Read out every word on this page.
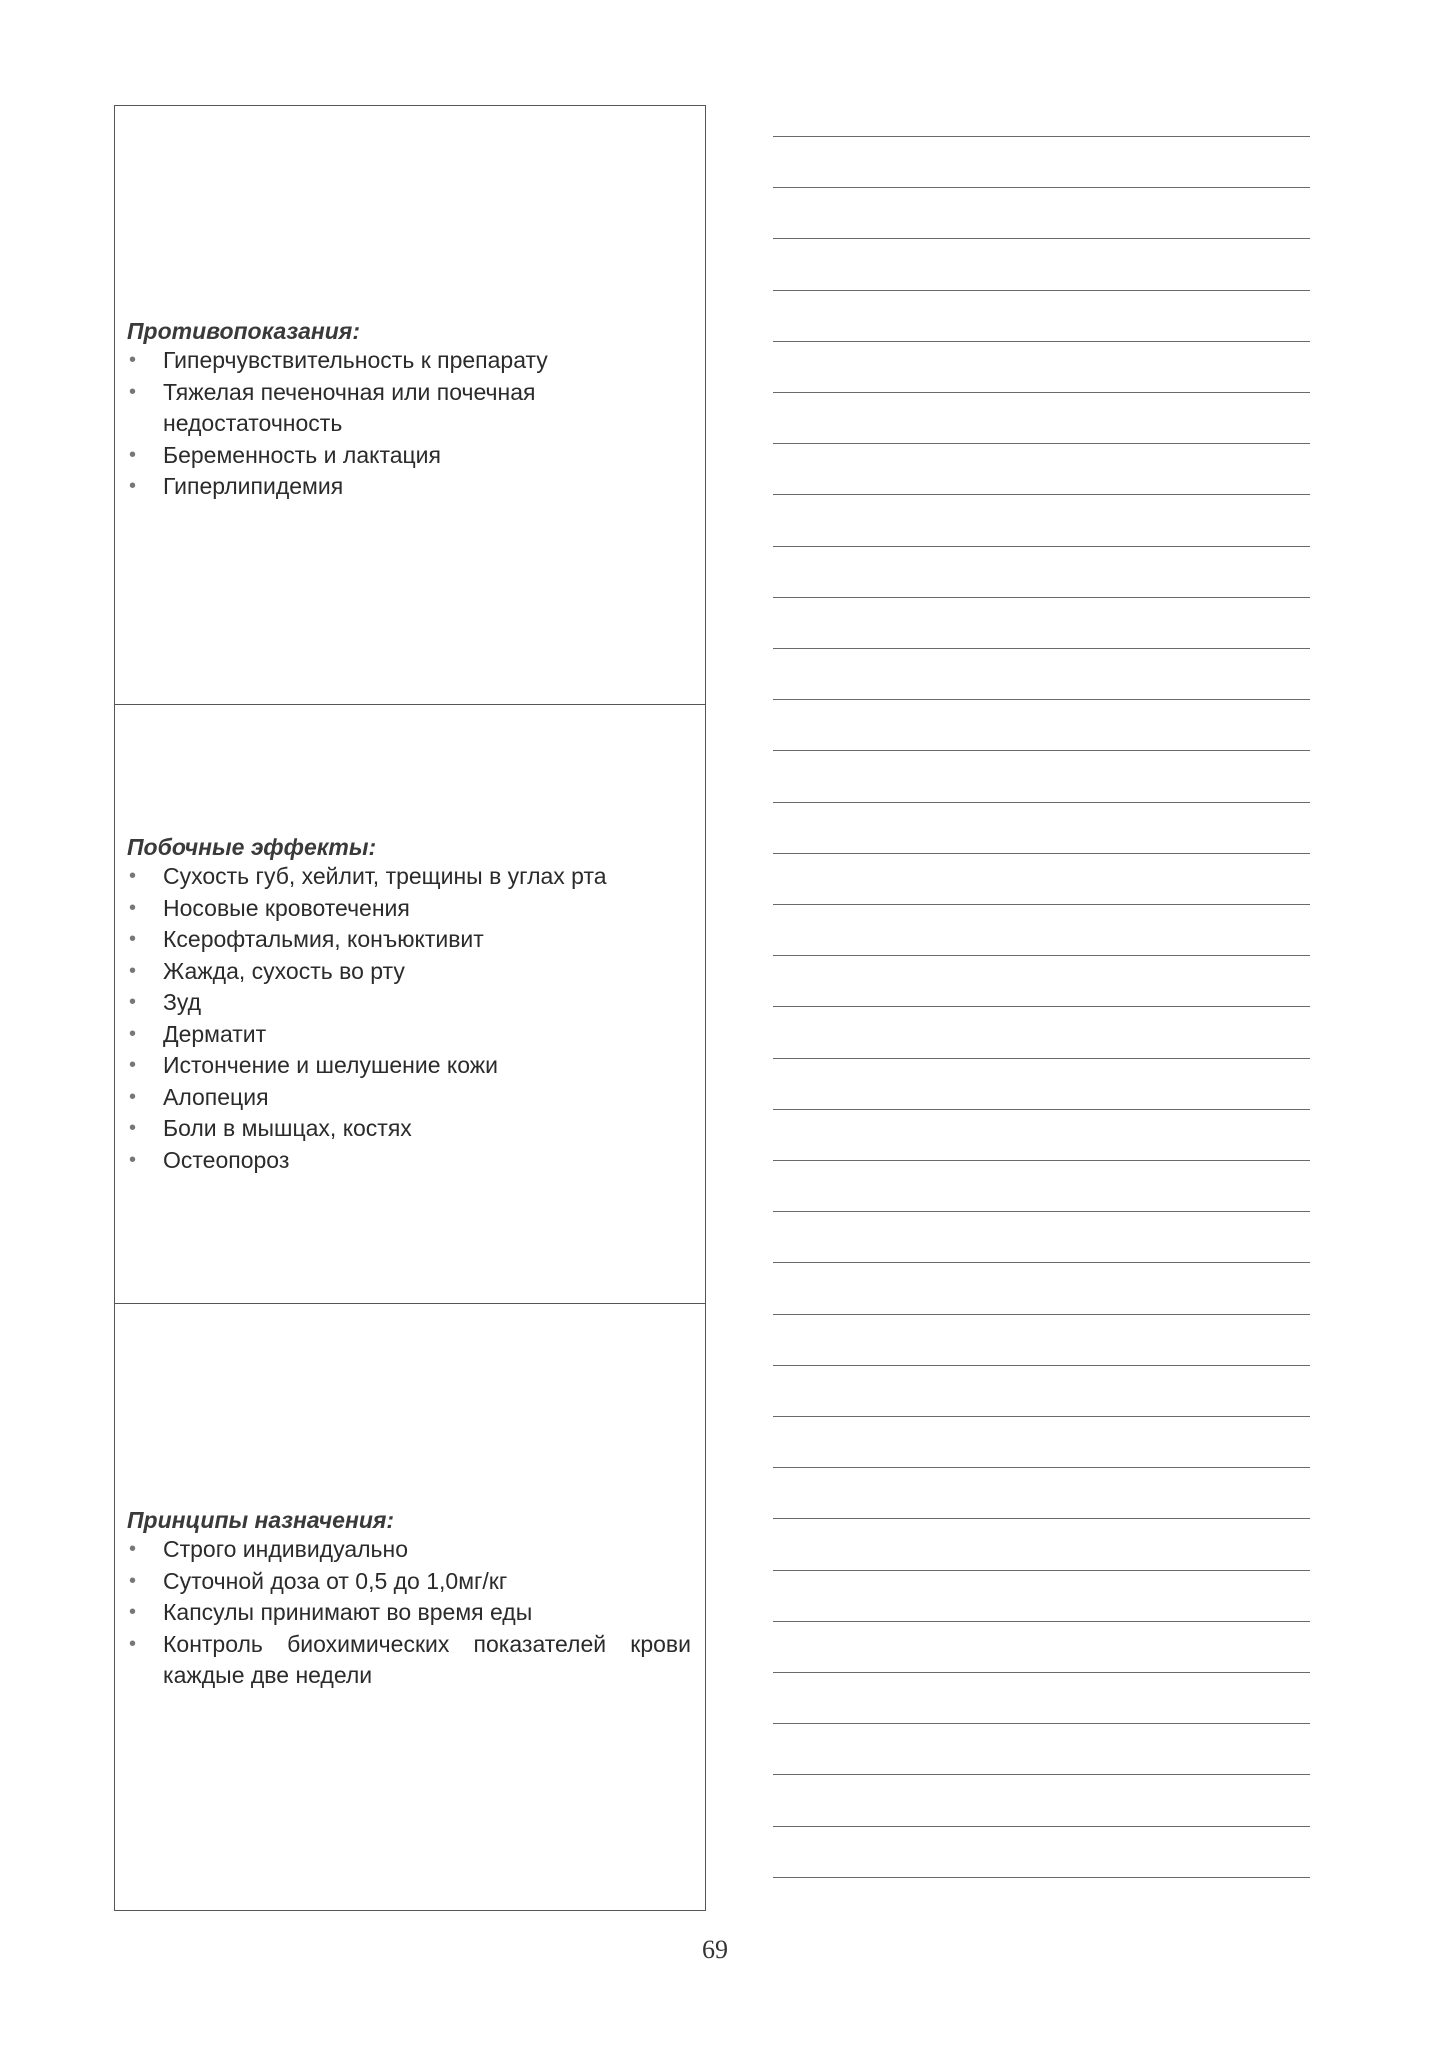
Противопоказания:
• Гиперчувствительность к препарату
• Тяжелая печеночная или почечная недостаточность
• Беременность и лактация
• Гиперлипидемия
Побочные эффекты:
• Сухость губ, хейлит, трещины в углах рта
• Носовые кровотечения
• Ксерофтальмия, конъюктивит
• Жажда, сухость во рту
• Зуд
• Дерматит
• Истончение и шелушение кожи
• Алопеция
• Боли в мышцах, костях
• Остеопороз
Принципы назначения:
• Строго индивидуально
• Суточной доза от 0,5 до 1,0мг/кг
• Капсулы принимают во время еды
• Контроль биохимических показателей крови каждые две недели
69
